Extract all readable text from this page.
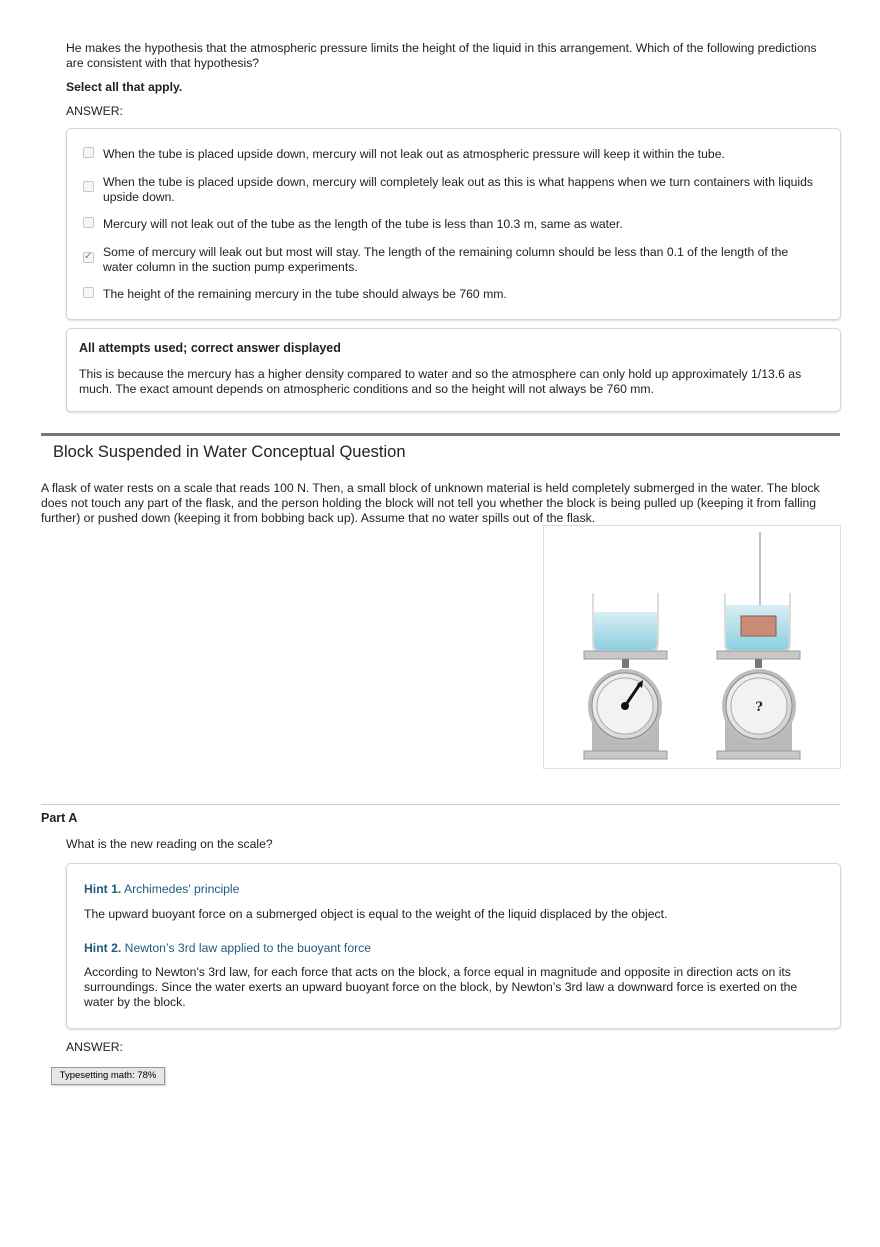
He makes the hypothesis that the atmospheric pressure limits the height of the liquid in this arrangement. Which of the following predictions are consistent with that hypothesis?
Select all that apply.
ANSWER:
When the tube is placed upside down, mercury will not leak out as atmospheric pressure will keep it within the tube.
When the tube is placed upside down, mercury will completely leak out as this is what happens when we turn containers with liquids upside down.
Mercury will not leak out of the tube as the length of the tube is less than 10.3 m, same as water.
✓
Some of mercury will leak out but most will stay. The length of the remaining column should be less than 0.1 of the length of the water column in the suction pump experiments.
The height of the remaining mercury in the tube should always be 760 mm.
All attempts used; correct answer displayed
This is because the mercury has a higher density compared to water and so the atmosphere can only hold up approximately 1/13.6 as much. The exact amount depends on atmospheric conditions and so the height will not always be 760 mm.
Block Suspended in Water Conceptual Question
A flask of water rests on a scale that reads 100 N. Then, a small block of unknown material is held completely submerged in the water. The block does not touch any part of the flask, and the person holding the block will not tell you whether the block is being pulled up (keeping it from falling further) or pushed down (keeping it from bobbing back up). Assume that no water spills out of the flask.
?
Part A
What is the new reading on the scale?
Hint 1. Archimedes' principle
The upward buoyant force on a submerged object is equal to the weight of the liquid displaced by the object.
Hint 2. Newton’s 3rd law applied to the buoyant force
According to Newton's 3rd law, for each force that acts on the block, a force equal in magnitude and opposite in direction acts on its surroundings. Since the water exerts an upward buoyant force on the block, by Newton’s 3rd law a downward force is exerted on the water by the block.
ANSWER:
Typesetting math: 78%
